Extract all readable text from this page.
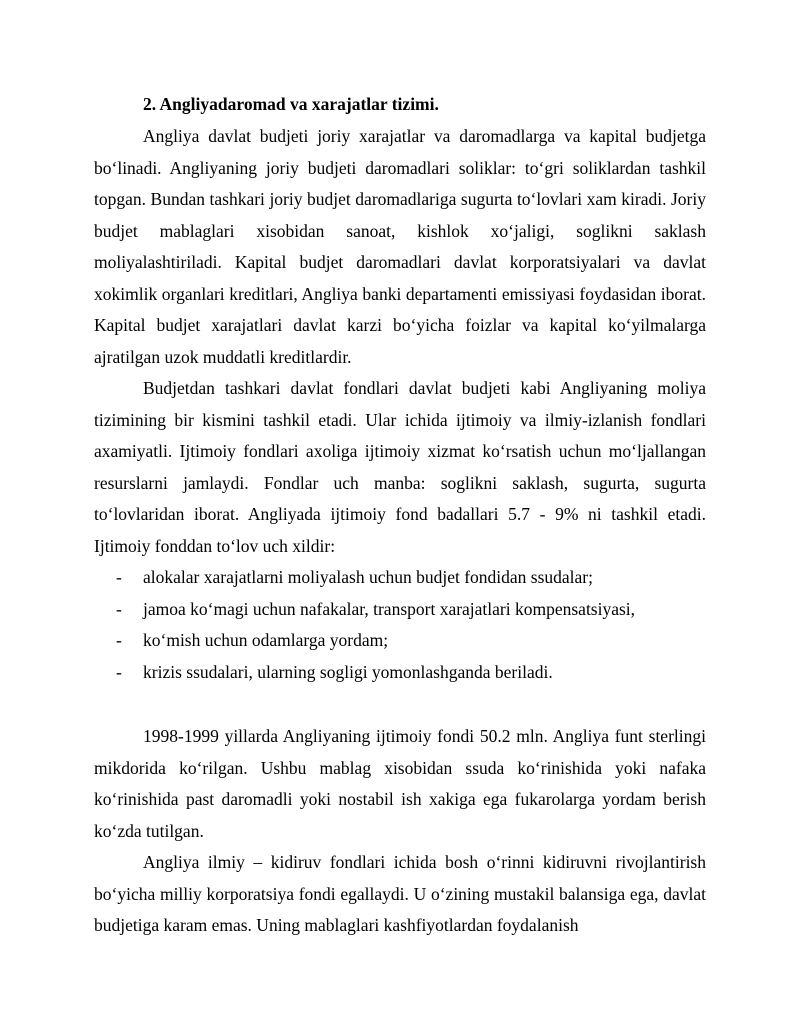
2. Angliyadaromad va xarajatlar tizimi.

Angliya davlat budjeti joriy xarajatlar va daromadlarga va kapital budjetga bo‘linadi. Angliyaning joriy budjeti daromadlari soliklar: to‘gri soliklardan tashkil topgan. Bundan tashkari joriy budjet daromadlariga sugurta to‘lovlari xam kiradi. Joriy budjet mablaglari xisobidan sanoat, kishlok xo‘jaligi, soglikni saklash moliyalashtiriladi. Kapital budjet daromadlari davlat korporatsiyalari va davlat xokimlik organlari kreditlari, Angliya banki departamenti emissiyasi foydasidan iborat. Kapital budjet xarajatlari davlat karzi bo‘yicha foizlar va kapital ko‘yilmalarga ajratilgan uzok muddatli kreditlardir.

Budjetdan tashkari davlat fondlari davlat budjeti kabi Angliyaning moliya tizimining bir kismini tashkil etadi. Ular ichida ijtimoiy va ilmiy-izlanish fondlari axamiyatli. Ijtimoiy fondlari axoliga ijtimoiy xizmat ko‘rsatish uchun mo‘ljallangan resurslarni jamlaydi. Fondlar uch manba: soglikni saklash, sugurta, sugurta to‘lovlaridan iborat. Angliyada ijtimoiy fond badallari 5.7 - 9% ni tashkil etadi. Ijtimoiy fonddan to‘lov uch xildir:

- alokalar xarajatlarni moliyalash uchun budjet fondidan ssudalar;
- jamoa ko‘magi uchun nafakalar, transport xarajatlari kompensatsiyasi,
- ko‘mish uchun odamlarga yordam;
- krizis ssudalari, ularning sogligi yomonlashganda beriladi.

1998-1999 yillarda Angliyaning ijtimoiy fondi 50.2 mln. Angliya funt sterlingi mikdorida ko‘rilgan. Ushbu mablag xisobidan ssuda ko‘rinishida yoki nafaka ko‘rinishida past daromadli yoki nostabil ish xakiga ega fukarolarga yordam berish ko‘zda tutilgan.

Angliya ilmiy – kidiruv fondlari ichida bosh o‘rinni kidiruvni rivojlantirish bo‘yicha milliy korporatsiya fondi egallaydi. U o‘zining mustakil balansiga ega, davlat budjetiga karam emas. Uning mablaglari kashfiyotlardan foydalanish
